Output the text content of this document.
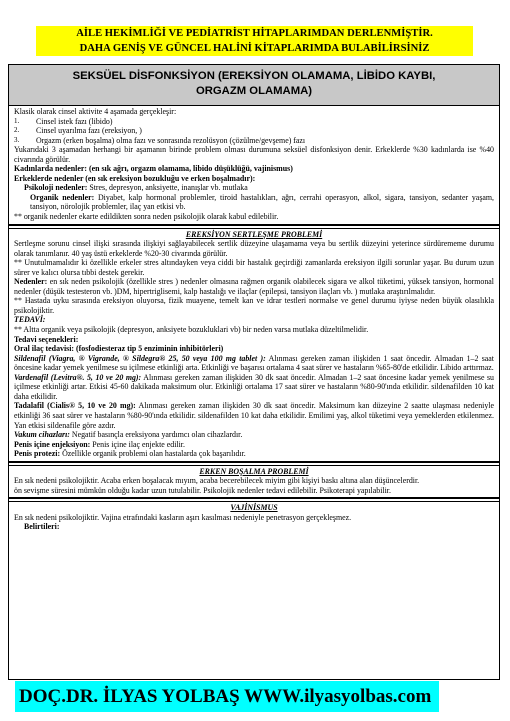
AİLE HEKİMLİĞİ VE PEDİATRİST HİTAPLARIMDAN DERLENMİŞTİR.
DAHA GENİŞ VE GÜNCEL HALİNİ KİTAPLARIMDA BULABİLİRSİNİZ
SEKSÜEL DİSFONKSİYON (EREKSİYON OLAMAMA, LİBİDO KAYBI,
ORGAZM OLAMAMA)

Klasik olarak cinsel aktivite 4 aşamada gerçekleşir:

1.	Cinsel istek fazı (libido)
2.	Cinsel uyarılma fazı (ereksiyon, )
3.	Orgazm (erken boşalma) olma fazı ve sonrasında rezolüsyon (çözülme/gevşeme) fazı

Yukarıdaki 3 aşamadan herhangi bir aşamanın birinde problem olması durumuna seksüel disfonksiyon denir. Erkeklerde %30 kadınlarda ise %40 civarında görülür.

Kadınlarda nedenler: (en sık ağrı, orgazm olamama, libido düşüklüğü, vajinismus)

Erkeklerde nedenler (en sık ereksiyon bozukluğu ve erken boşalmadır):

Psikoloji nedenler: Stres, depresyon, anksiyette, inanışlar vb. mutlaka

Organik nedenler: Diyabet, kalp hormonal problemler, tiroid hastalıkları, ağrı, cerrahi operasyon, alkol, sigara, tansiyon, sedanter yaşam, tansiyon, nörolojik problemler, ilaç yan etkisi vb.

** organik nedenler ekarte edildikten sonra neden psikolojik olarak kabul edilebilir.

EREKSİYON SERTLEŞME PROBLEMİ

Sertleşme sorunu cinsel ilişki sırasında ilişkiyi sağlayabilecek sertlik düzeyine ulaşamama veya bu sertlik düzeyini yeterince sürdürememe durumu olarak tanımlanır. 40 yaş üstü erkeklerde %20-30 civarında görülür.

** Unutulmamalıdır ki özellikle erkeler stres altındayken veya ciddi bir hastalık geçirdiği zamanlarda ereksiyon ilgili sorunlar yaşar. Bu durum uzun sürer ve kalıcı olursa tıbbi destek gerekir.

Nedenler: en sık neden psikolojik (özellikle stres ) nedenler olmasına rağmen organik olabilecek sigara ve alkol tüketimi, yüksek tansiyon, hormonal nedenler (düşük testesteron vb. )DM, hipertriglisemi, kalp hastalığı ve ilaçlar (epilepsi, tansiyon ilaçları vb. ) mutlaka araştırılmalıdır.

** Hastada uyku sırasında ereksiyon oluyorsa, fizik muayene, temelt kan ve idrar testleri normalse ve genel durumu iyiyse neden büyük olasılıkla psikolojiktir.

TEDAVİ:

** Altta organik veya psikolojik (depresyon, anksiyete bozukluklari vb) bir neden varsa mutlaka düzeltilmelidir.

Tedavi seçenekleri:

Oral ilaç tedavisi: (fosfodiesteraz tip 5 enziminin inhibitörleri)

Sildenafil (Viagra, ® Vigrande, ® Sildegra® 25, 50 veya 100 mg tablet ): Alınması gereken zaman ilişkiden 1 saat öncedir. Almadan 1–2 saat öncesine kadar yemek yenilmese su içilmese etkinliği arta. Etkinliği ve başarısı ortalama 4 saat sürer ve hastaların %65-80'de etkilidir. Libido arttırmaz.

Vardenafil (Levitra®. 5, 10 ve 20 mg): Alınması gereken zaman ilişkiden 30 dk saat öncedir. Almadan 1–2 saat öncesine kadar yemek yenilmese su içilmese etkinliği artar. Etkisi 45-60 dakikada maksimum olur. Etkinliği ortalama 17 saat sürer ve hastaların %80-90'ında etkilidir. sildenafilden 10 kat daha etkilidir.

Tadalafil (Cialis® 5, 10 ve 20 mg): Alınması gereken zaman ilişkiden 30 dk saat öncedir. Maksimum kan düzeyine 2 saatte ulaşması nedeniyle etkinliği 36 saat sürer ve hastaların %80-90'ında etkilidir. sildenafilden 10 kat daha etkilidir. Emilimi yaş, alkol tüketimi veya yemeklerden etkilenmez. Yan etkisi sildenafile göre azdır.

Vakum cihazları: Negatif basınçla ereksiyona yardımcı olan cihazlardır.

Penis içine enjeksiyon: Penis içine ilaç enjekte edilir.

Penis protezi: Özellikle organik problemi olan hastalarda çok başarılıdır.

ERKEN BOŞALMA PROBLEMİ

En sık nedeni psikolojiktir. Acaba erken boşalacak mıyım, acaba becerebilecek miyim gibi kişiyi baskı altına alan düşüncelerdir.

ön sevişme süresini mümkün olduğu kadar uzun tutulabilir. Psikolojik nedenler tedavi edilebilir. Psikoterapi yapılabilir.

VAJİNİSMUS

En sık nedeni psikolojiktir. Vajina etrafındaki kasların aşırı kasılması nedeniyle penetrasyon gerçekleşmez.

Belirtileri:

DOÇ.DR. İLYAS YOLBAŞ WWW.ilyasyolbas.com
